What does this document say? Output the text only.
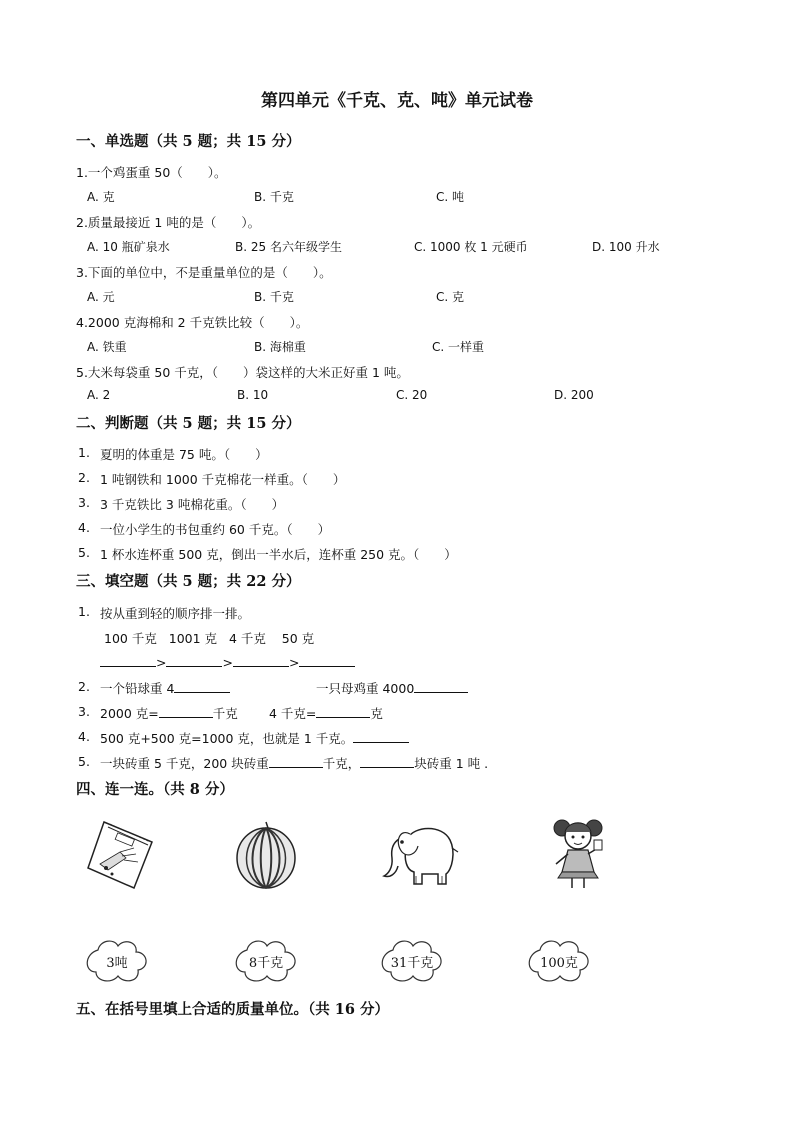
第四单元《千克、克、吨》单元试卷
一、单选题（共 5 题；共 15 分）
1.一个鸡蛋重 50（　　）。
A. 克	B. 千克	C. 吨
2.质量最接近 1 吨的是（　　）。
A. 10 瓶矿泉水	B. 25 名六年级学生	C. 1000 枚 1 元硬币	D. 100 升水
3.下面的单位中，不是重量单位的是（　　）。
A. 元	B. 千克	C. 克
4.2000 克海棉和 2 千克铁比较（　　）。
A. 铁重	B. 海棉重	C. 一样重
5.大米每袋重 50 千克，（　　）袋这样的大米正好重 1 吨。
A. 2	B. 10	C. 20	D. 200
二、判断题（共 5 题；共 15 分）
1. 夏明的体重是 75 吨。（　　）
2. 1 吨钢铁和 1000 千克棉花一样重。（　　）
3. 3 千克铁比 3 吨棉花重。（　　）
4. 一位小学生的书包重约 60 千克。（　　）
5. 1 杯水连杯重 500 克，倒出一半水后，连杯重 250 克。（　　）
三、填空题（共 5 题；共 22 分）
1. 按从重到轻的顺序排一排。
100 千克   1001 克   4 千克    50 克
>	>	>
2. 一个铅球重 4	一只母鸡重 4000
3. 2000 克=	千克 4 千克=	克
4. 500 克+500 克=1000 克，也就是 1 千克。
5. 一块砖重 5 千克，200 块砖重	千克，	块砖重 1 吨 .
四、连一连。（共 8 分）
3吨	8千克	31千克	100克
五、在括号里填上合适的质量单位。（共 16 分）
